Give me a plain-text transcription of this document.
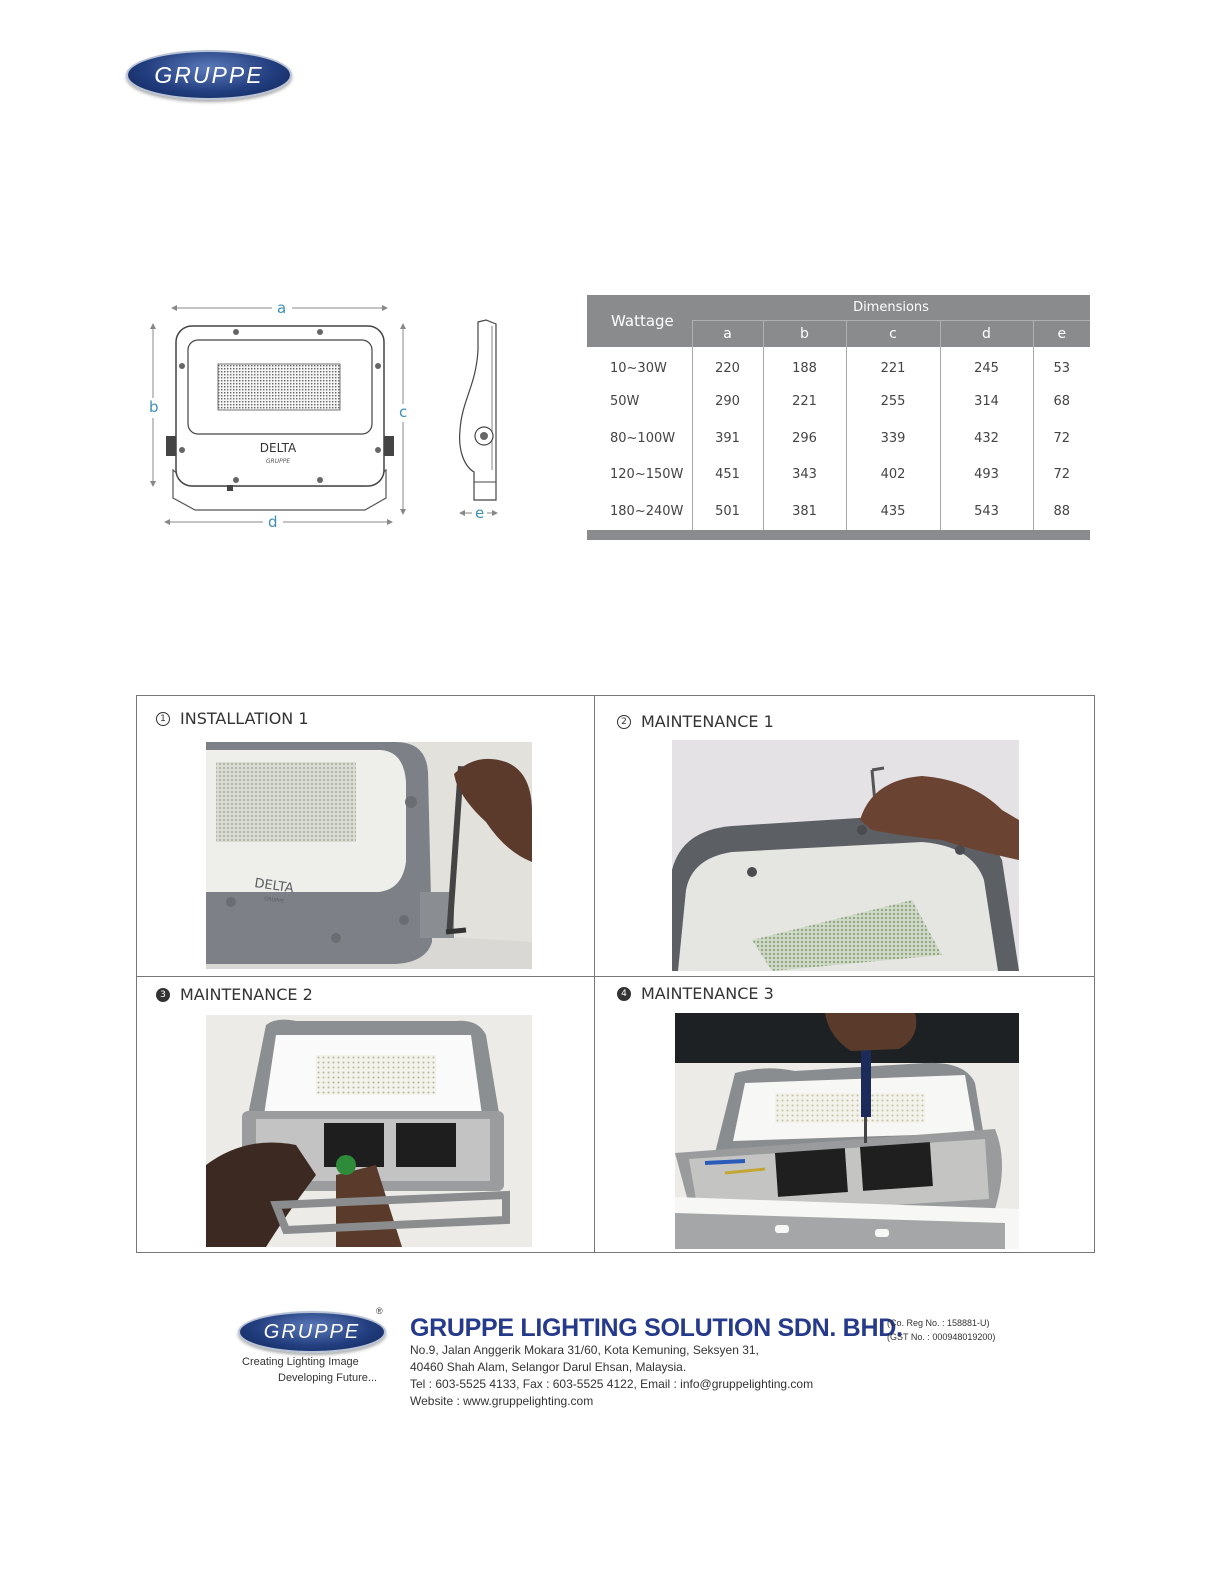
GRUPPE
a
b	c
d	e
DELTA
GRUPPE
Wattage	Dimensions				
	a	b	c	d	e
10~30W	220	188	221	245	53
50W	290	221	255	314	68
80~100W	391	296	339	432	72
120~150W	451	343	402	493	72
180~240W	501	381	435	543	88

1 INSTALLATION 1
DELTA
GRUPPE
2 MAINTENANCE 1
3 MAINTENANCE 2	4 MAINTENANCE 3
GRUPPE
®
Creating Lighting Image
Developing Future...
GRUPPE LIGHTING SOLUTION SDN. BHD.
(Co. Reg No. : 158881-U)
(GST No. : 000948019200)
No.9, Jalan Anggerik Mokara 31/60, Kota Kemuning, Seksyen 31,
40460 Shah Alam, Selangor Darul Ehsan, Malaysia.
Tel : 603-5525 4133, Fax : 603-5525 4122, Email : info@gruppelighting.com
Website : www.gruppelighting.com
